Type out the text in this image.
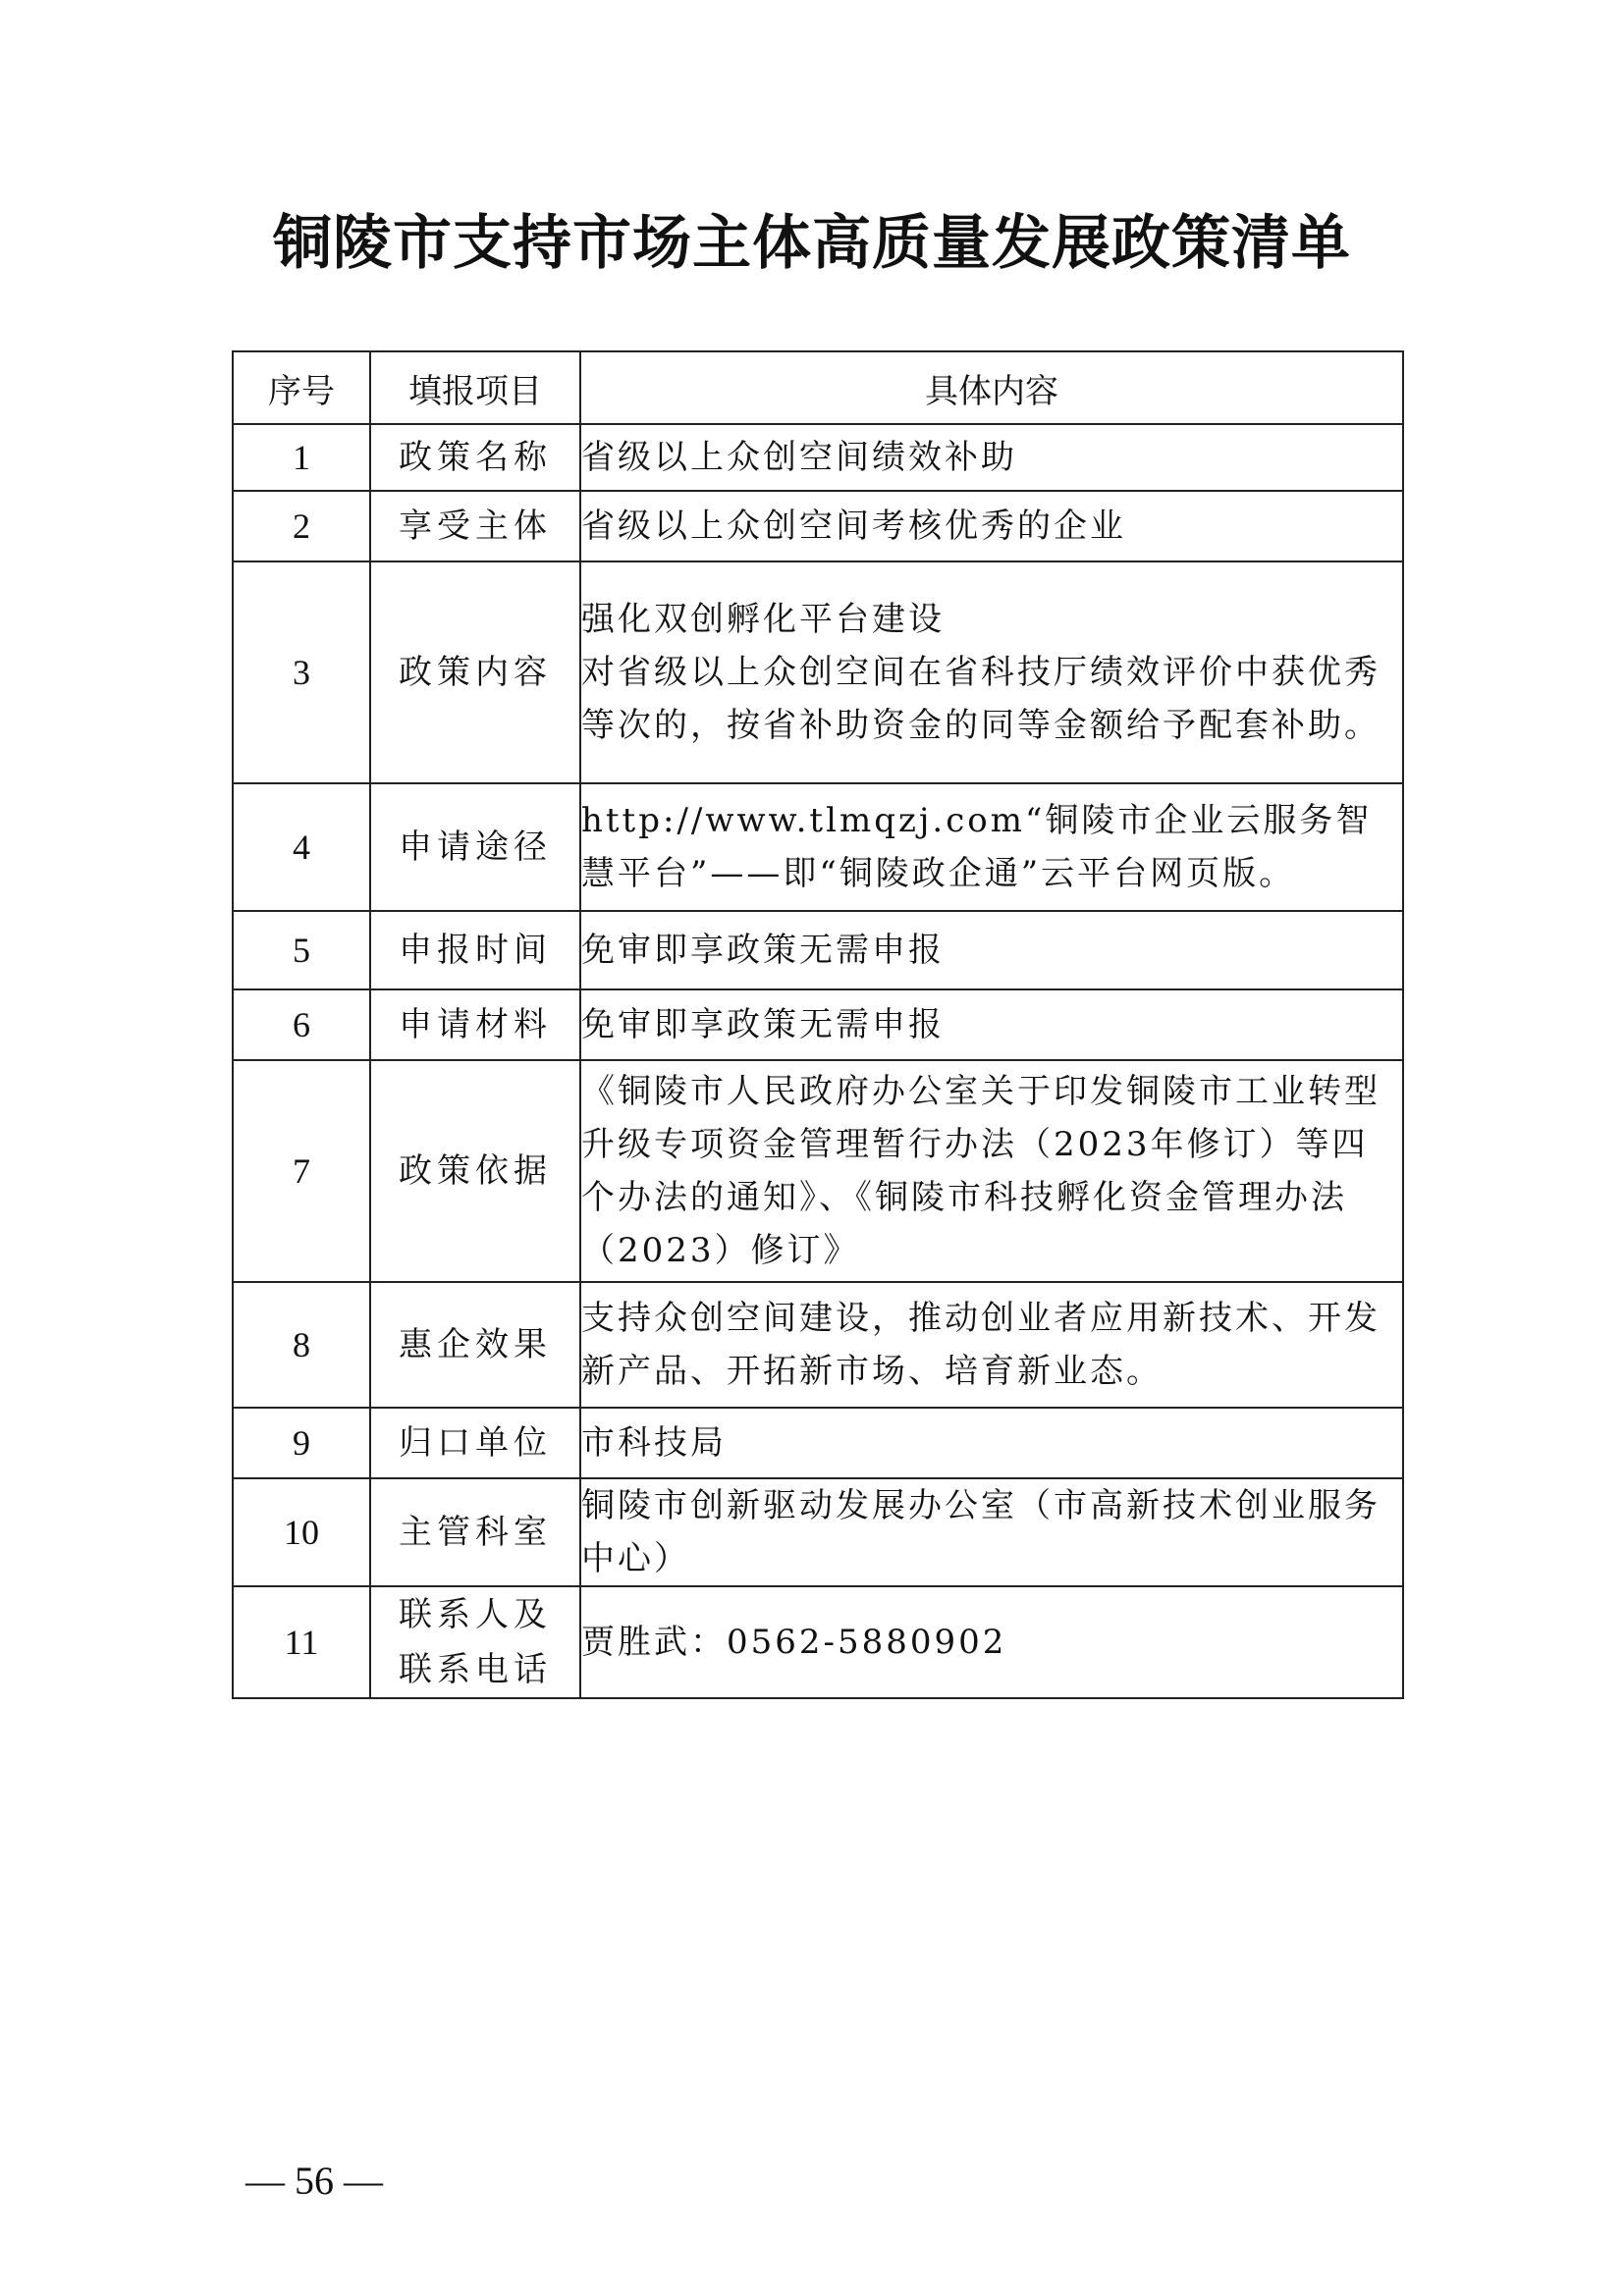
铜陵市支持市场主体高质量发展政策清单
序号	填报项目	具体内容
1	政策名称	省级以上众创空间绩效补助

2	享受主体	省级以上众创空间考核优秀的企业

3	政策内容	强化双创孵化平台建设
对省级以上众创空间在省科技厅绩效评价中获优秀等次的，按省补助资金的同等金额给予配套补助。

4	申请途径	http://www.tlmqzj.com“铜陵市企业云服务智慧平台”——即“铜陵政企通”云平台网页版。

5	申报时间	免审即享政策无需申报

6	申请材料	免审即享政策无需申报

7	政策依据	《铜陵市人民政府办公室关于印发铜陵市工业转型升级专项资金管理暂行办法（2023年修订）等四个办法的通知》、《铜陵市科技孵化资金管理办法（2023）修订》

8	惠企效果	支持众创空间建设，推动创业者应用新技术、开发新产品、开拓新市场、培育新业态。

9	归口单位	市科技局

10	主管科室	铜陵市创新驱动发展办公室（市高新技术创业服务中心）

11	联系人及联系电话	贾胜武：0562-5880902
— 56 —
